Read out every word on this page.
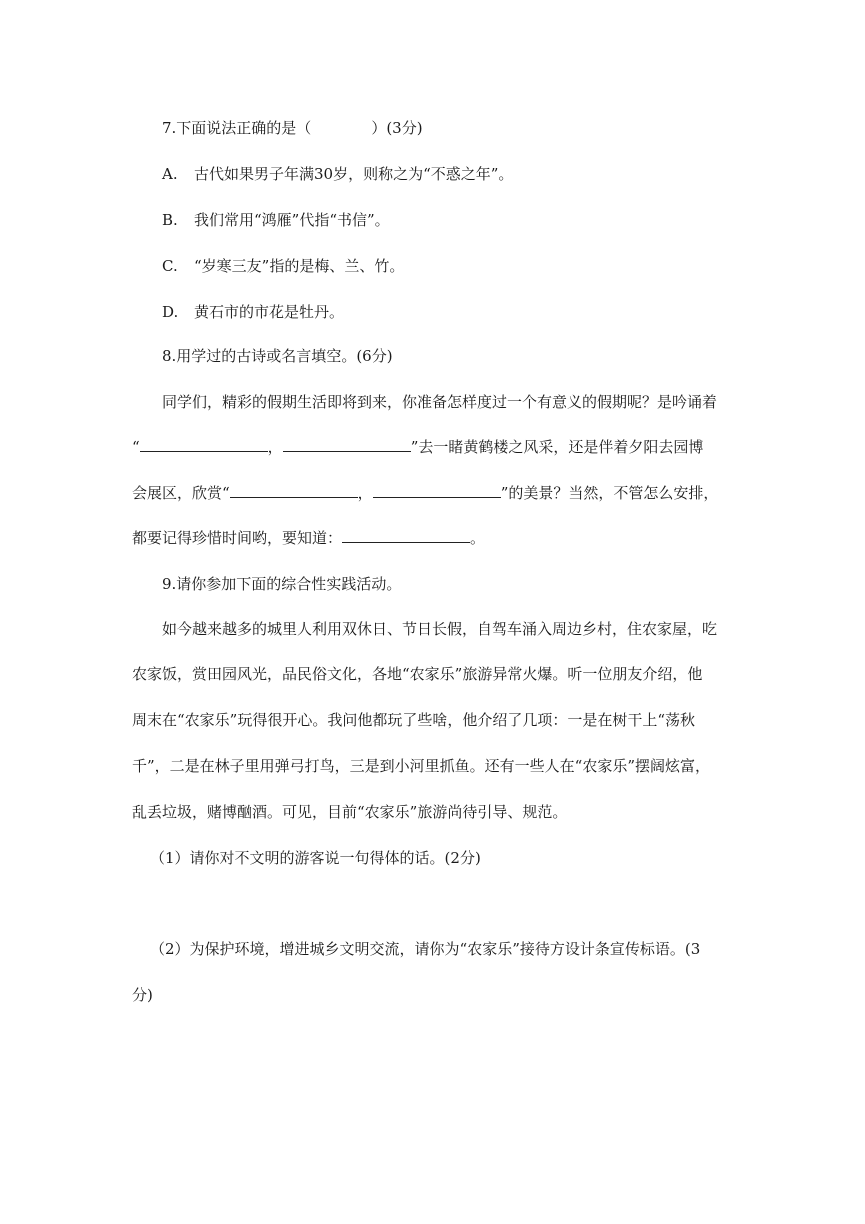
7.下面说法正确的是（　　　　）(3分)
A. 古代如果男子年满30岁，则称之为“不惑之年”。
B. 我们常用“鸿雁”代指“书信”。
C. “岁寒三友”指的是梅、兰、竹。
D. 黄石市的市花是牡丹。
8.用学过的古诗或名言填空。(6分)
同学们，精彩的假期生活即将到来，你准备怎样度过一个有意义的假期呢？是吟诵着
“	，	”去一睹黄鹤楼之风采，还是伴着夕阳去园博
会展区，欣赏“	，	”的美景？当然，不管怎么安排，
都要记得珍惜时间哟，要知道：	。
9.请你参加下面的综合性实践活动。
如今越来越多的城里人利用双休日、节日长假，自驾车涌入周边乡村，住农家屋，吃
农家饭，赏田园风光，品民俗文化，各地“农家乐”旅游异常火爆。听一位朋友介绍，他
周末在“农家乐”玩得很开心。我问他都玩了些啥，他介绍了几项：一是在树干上“荡秋
千”，二是在林子里用弹弓打鸟，三是到小河里抓鱼。还有一些人在“农家乐”摆阔炫富，
乱丢垃圾，赌博酗酒。可见，目前“农家乐”旅游尚待引导、规范。
（1）请你对不文明的游客说一句得体的话。(2分)
（2）为保护环境，增进城乡文明交流，请你为“农家乐”接待方设计条宣传标语。(3
分)
